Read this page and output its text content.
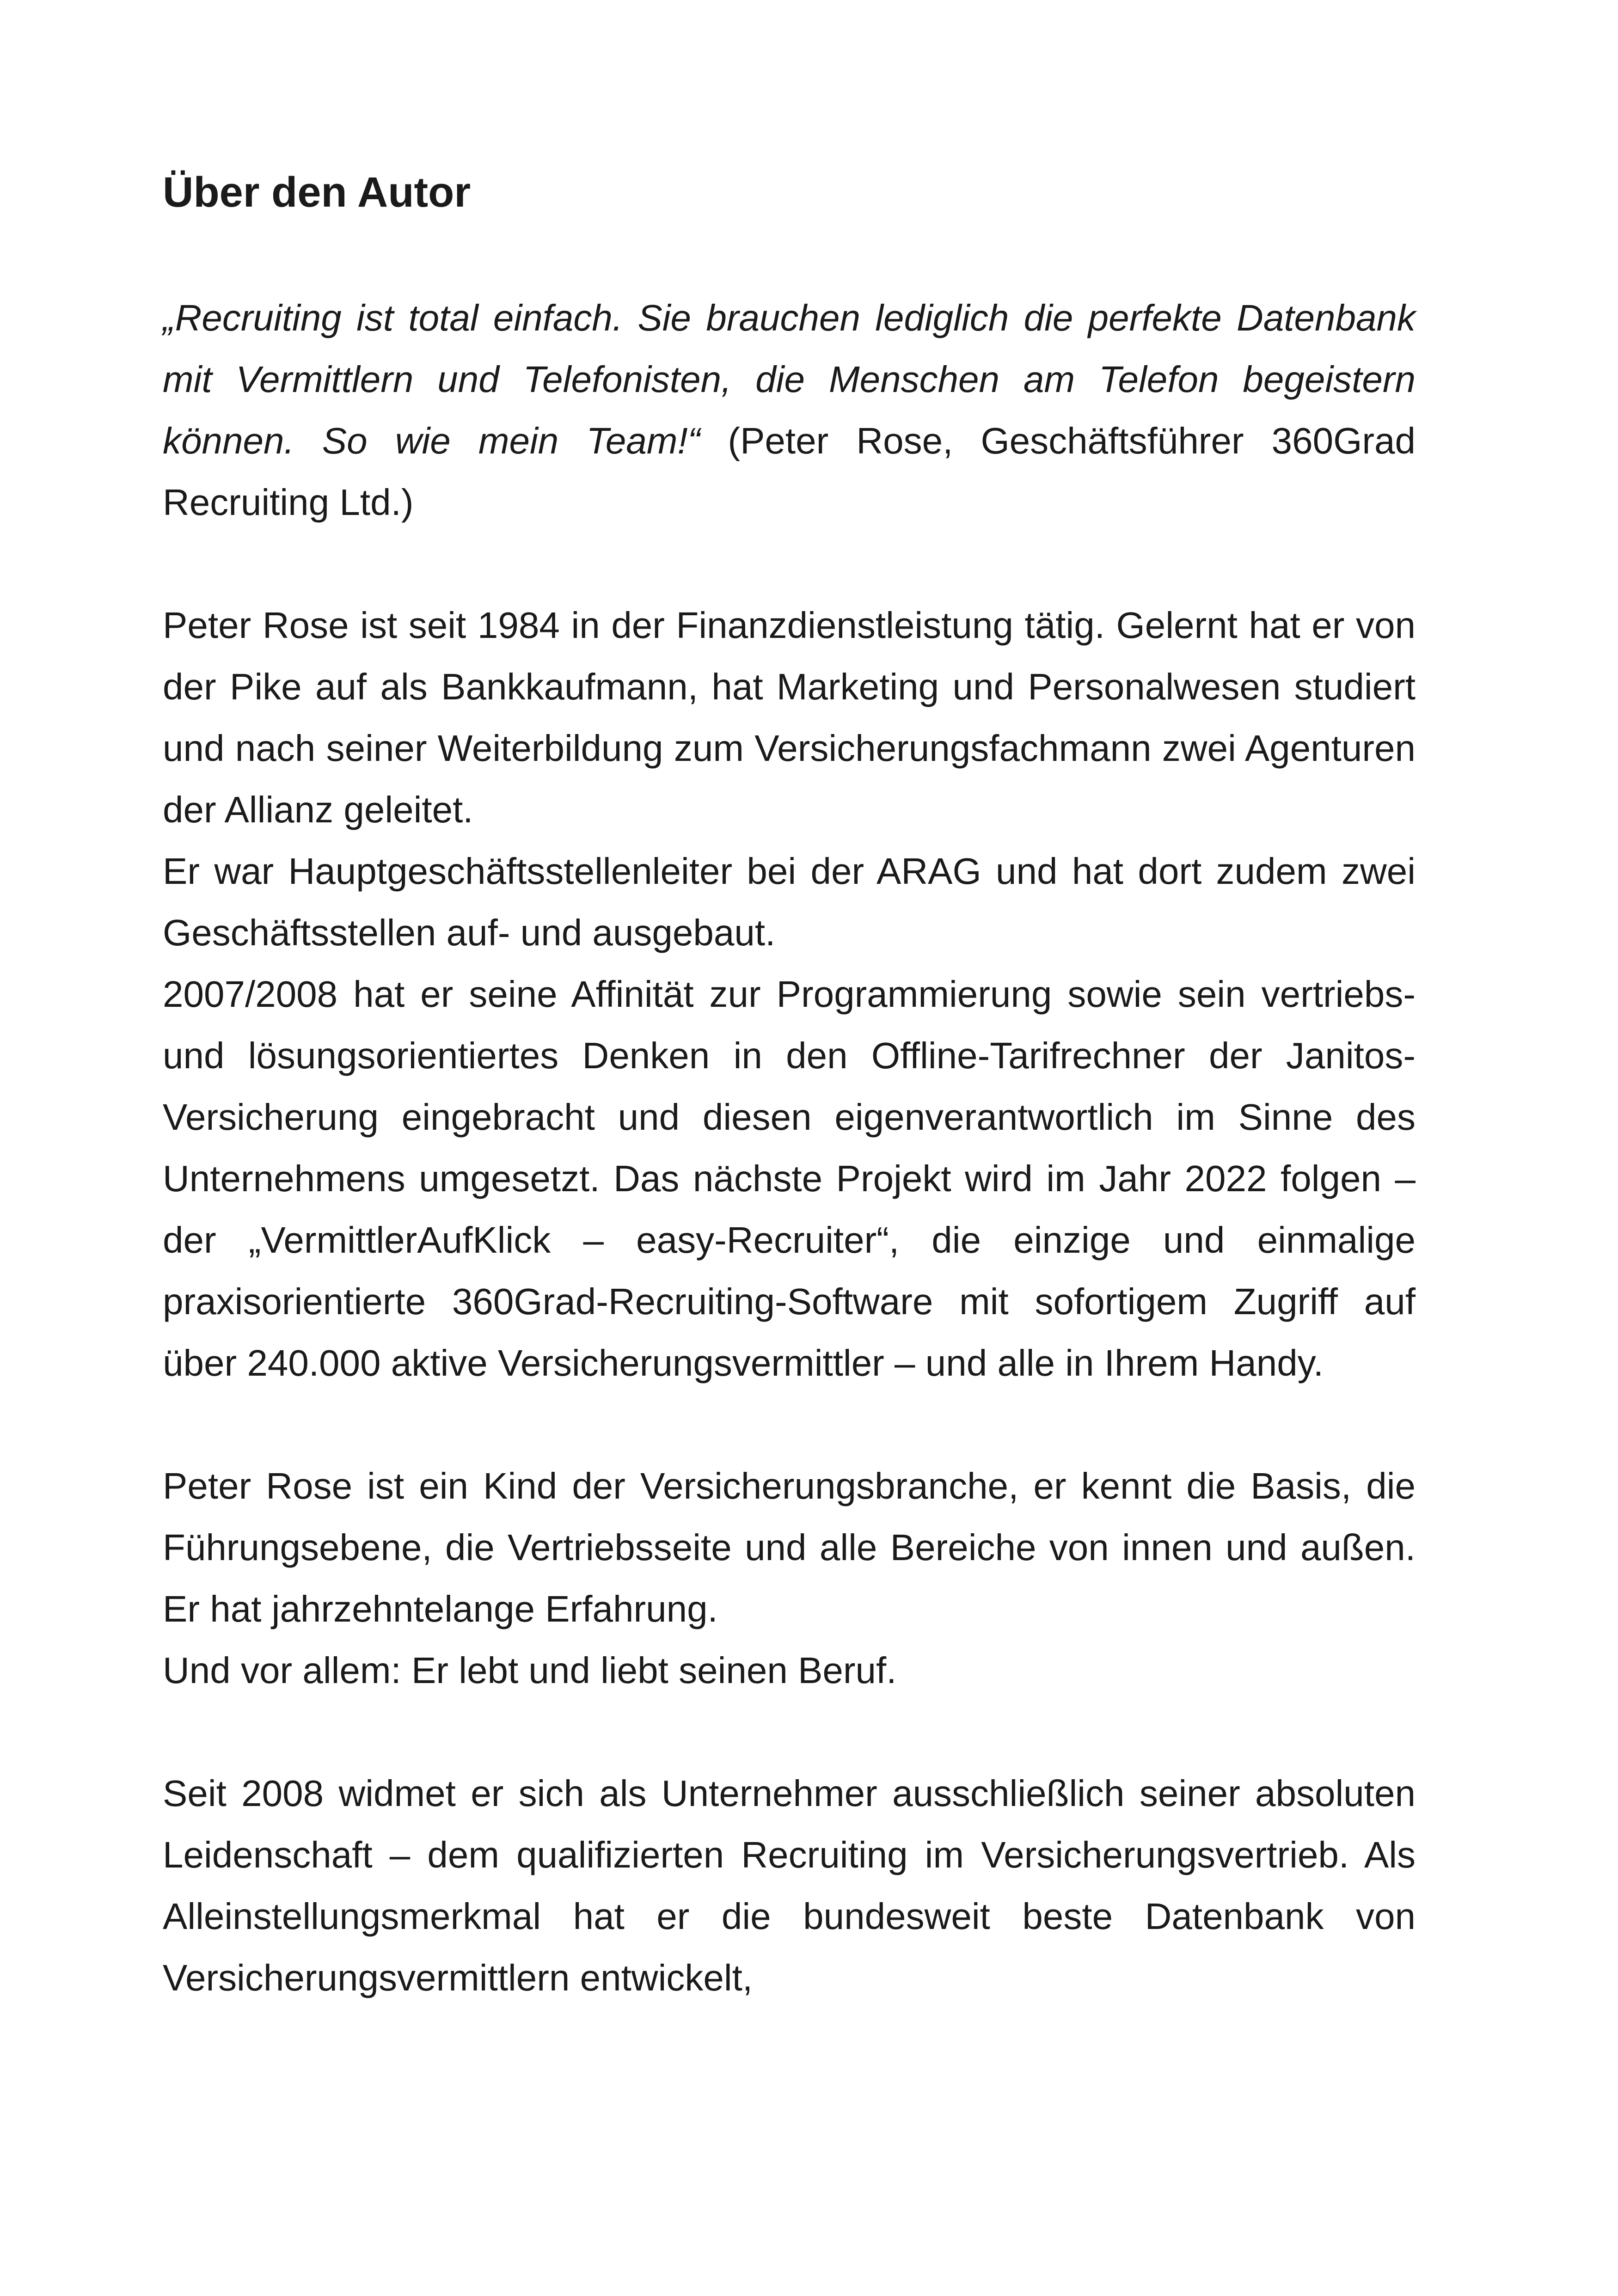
Über den Autor

„Recruiting ist total einfach. Sie brauchen lediglich die perfekte Datenbank mit Vermittlern und Telefonisten, die Menschen am Telefon begeistern können. So wie mein Team!“ (Peter Rose, Geschäftsführer 360Grad Recruiting Ltd.)

Peter Rose ist seit 1984 in der Finanzdienstleistung tätig. Gelernt hat er von der Pike auf als Bankkaufmann, hat Marketing und Personalwesen studiert und nach seiner Weiterbildung zum Versicherungsfachmann zwei Agenturen der Allianz geleitet.
Er war Hauptgeschäftsstellenleiter bei der ARAG und hat dort zudem zwei Geschäftsstellen auf- und ausgebaut.
2007/2008 hat er seine Affinität zur Programmierung sowie sein vertriebs- und lösungsorientiertes Denken in den Offline-Tarifrechner der Janitos-Versicherung eingebracht und diesen eigenverantwortlich im Sinne des Unternehmens umgesetzt. Das nächste Projekt wird im Jahr 2022 folgen – der „VermittlerAufKlick – easy-Recruiter“, die einzige und einmalige praxisorientierte 360Grad-Recruiting-Software mit sofortigem Zugriff auf über 240.000 aktive Versicherungsvermittler – und alle in Ihrem Handy.

Peter Rose ist ein Kind der Versicherungsbranche, er kennt die Basis, die Führungsebene, die Vertriebsseite und alle Bereiche von innen und außen. Er hat jahrzehntelange Erfahrung.
Und vor allem: Er lebt und liebt seinen Beruf.

Seit 2008 widmet er sich als Unternehmer ausschließlich seiner absoluten Leidenschaft – dem qualifizierten Recruiting im Versicherungsvertrieb. Als Alleinstellungsmerkmal hat er die bundesweit beste Datenbank von Versicherungsvermittlern entwickelt,
